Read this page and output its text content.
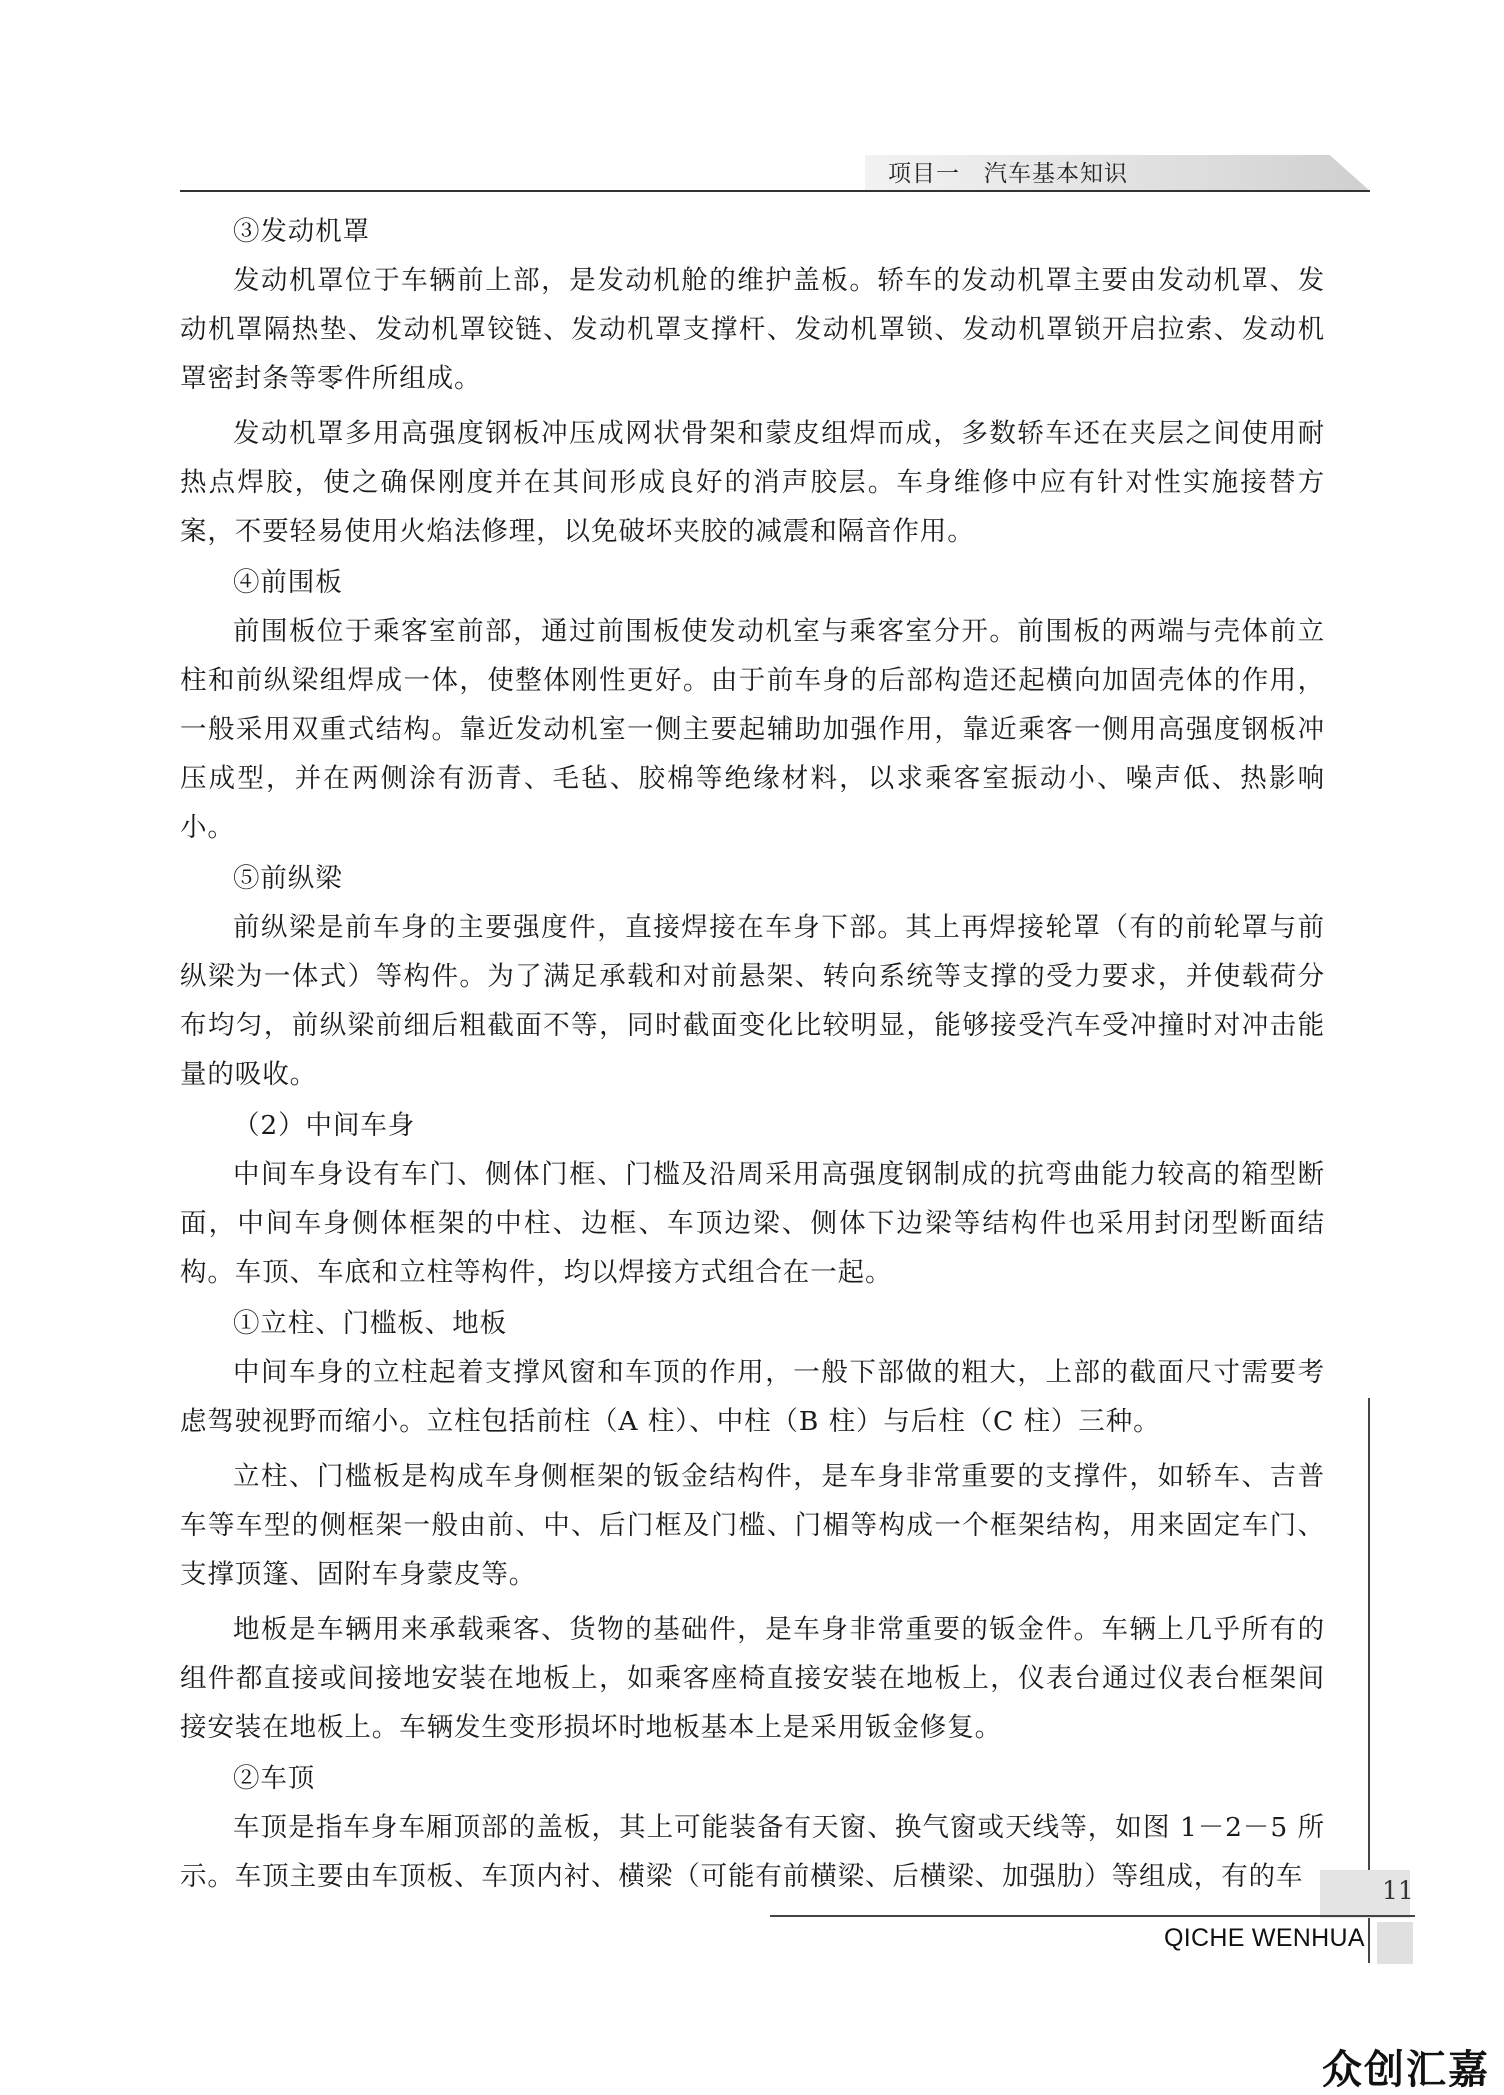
项目一　汽车基本知识

③发动机罩

发动机罩位于车辆前上部，是发动机舱的维护盖板。轿车的发动机罩主要由发动机罩、发动机罩隔热垫、发动机罩铰链、发动机罩支撑杆、发动机罩锁、发动机罩锁开启拉索、发动机罩密封条等零件所组成。

发动机罩多用高强度钢板冲压成网状骨架和蒙皮组焊而成，多数轿车还在夹层之间使用耐热点焊胶，使之确保刚度并在其间形成良好的消声胶层。车身维修中应有针对性实施接替方案，不要轻易使用火焰法修理，以免破坏夹胶的减震和隔音作用。

④前围板

前围板位于乘客室前部，通过前围板使发动机室与乘客室分开。前围板的两端与壳体前立柱和前纵梁组焊成一体，使整体刚性更好。由于前车身的后部构造还起横向加固壳体的作用，一般采用双重式结构。靠近发动机室一侧主要起辅助加强作用，靠近乘客一侧用高强度钢板冲压成型，并在两侧涂有沥青、毛毡、胶棉等绝缘材料，以求乘客室振动小、噪声低、热影响小。

⑤前纵梁

前纵梁是前车身的主要强度件，直接焊接在车身下部。其上再焊接轮罩（有的前轮罩与前纵梁为一体式）等构件。为了满足承载和对前悬架、转向系统等支撑的受力要求，并使载荷分布均匀，前纵梁前细后粗截面不等，同时截面变化比较明显，能够接受汽车受冲撞时对冲击能量的吸收。

（2）中间车身

中间车身设有车门、侧体门框、门槛及沿周采用高强度钢制成的抗弯曲能力较高的箱型断面，中间车身侧体框架的中柱、边框、车顶边梁、侧体下边梁等结构件也采用封闭型断面结构。车顶、车底和立柱等构件，均以焊接方式组合在一起。

①立柱、门槛板、地板

中间车身的立柱起着支撑风窗和车顶的作用，一般下部做的粗大，上部的截面尺寸需要考虑驾驶视野而缩小。立柱包括前柱（A 柱）、中柱（B 柱）与后柱（C 柱）三种。

立柱、门槛板是构成车身侧框架的钣金结构件，是车身非常重要的支撑件，如轿车、吉普车等车型的侧框架一般由前、中、后门框及门槛、门楣等构成一个框架结构，用来固定车门、支撑顶篷、固附车身蒙皮等。

地板是车辆用来承载乘客、货物的基础件，是车身非常重要的钣金件。车辆上几乎所有的组件都直接或间接地安装在地板上，如乘客座椅直接安装在地板上，仪表台通过仪表台框架间接安装在地板上。车辆发生变形损坏时地板基本上是采用钣金修复。

②车顶

车顶是指车身车厢顶部的盖板，其上可能装备有天窗、换气窗或天线等，如图 1－2－5 所示。车顶主要由车顶板、车顶内衬、横梁（可能有前横梁、后横梁、加强肋）等组成，有的车	11
QICHE WENHUA
众创汇嘉
